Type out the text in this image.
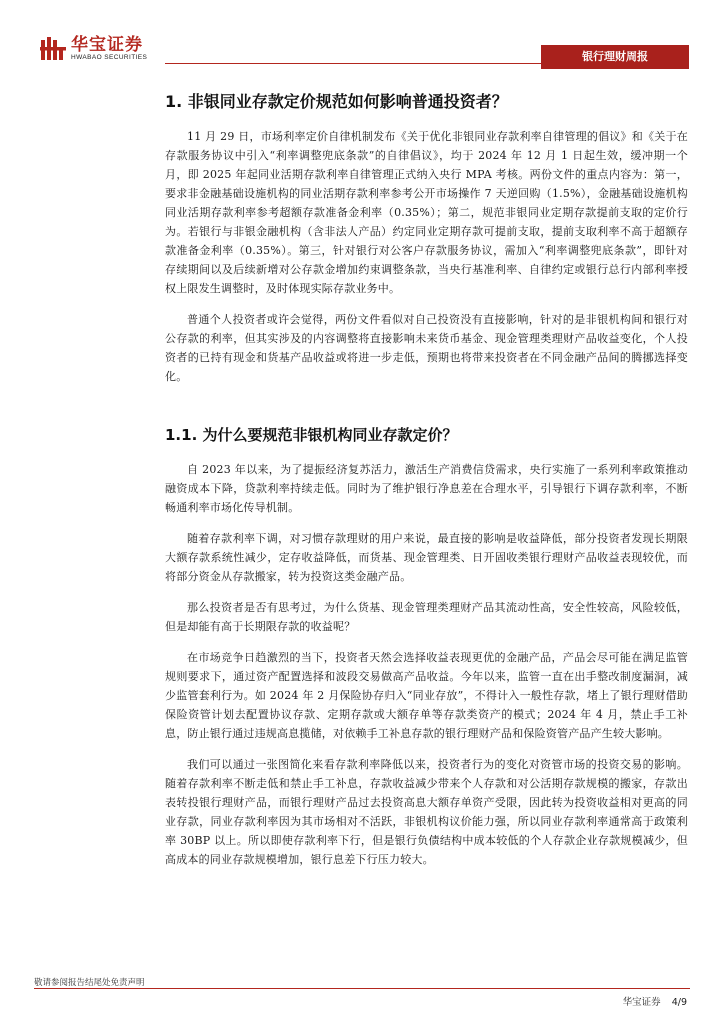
华宝证券
HWABAO SECURITIES	银行理财周报
1. 非银同业存款定价规范如何影响普通投资者？

11 月 29 日，市场利率定价自律机制发布《关于优化非银同业存款利率自律管理的倡议》和《关于在存款服务协议中引入“利率调整兜底条款”的自律倡议》，均于 2024 年 12 月 1 日起生效，缓冲期一个月，即 2025 年起同业活期存款利率自律管理正式纳入央行 MPA 考核。两份文件的重点内容为：第一，要求非金融基础设施机构的同业活期存款利率参考公开市场操作 7 天逆回购（1.5%），金融基础设施机构同业活期存款利率参考超额存款准备金利率（0.35%）；第二，规范非银同业定期存款提前支取的定价行为。若银行与非银金融机构（含非法人产品）约定同业定期存款可提前支取，提前支取利率不高于超额存款准备金利率（0.35%）。第三，针对银行对公客户存款服务协议，需加入“利率调整兜底条款”，即针对存续期间以及后续新增对公存款金增加约束调整条款，当央行基准利率、自律约定或银行总行内部利率授权上限发生调整时，及时体现实际存款业务中。

普通个人投资者或许会觉得，两份文件看似对自己投资没有直接影响，针对的是非银机构间和银行对公存款的利率，但其实涉及的内容调整将直接影响未来货币基金、现金管理类理财产品收益变化，个人投资者的已持有现金和货基产品收益或将进一步走低，预期也将带来投资者在不同金融产品间的腾挪选择变化。

1.1. 为什么要规范非银机构同业存款定价？

自 2023 年以来，为了提振经济复苏活力，激活生产消费信贷需求，央行实施了一系列利率政策推动融资成本下降，贷款利率持续走低。同时为了维护银行净息差在合理水平，引导银行下调存款利率，不断畅通利率市场化传导机制。

随着存款利率下调，对习惯存款理财的用户来说，最直接的影响是收益降低，部分投资者发现长期限大额存款系统性减少，定存收益降低，而货基、现金管理类、日开固收类银行理财产品收益表现较优，而将部分资金从存款搬家，转为投资这类金融产品。

那么投资者是否有思考过，为什么货基、现金管理类理财产品其流动性高，安全性较高，风险较低，但是却能有高于长期限存款的收益呢？

在市场竞争日趋激烈的当下，投资者天然会选择收益表现更优的金融产品，产品会尽可能在满足监管规则要求下，通过资产配置选择和波段交易做高产品收益。今年以来，监管一直在出手整改制度漏洞，减少监管套利行为。如 2024 年 2 月保险协存归入“同业存放”，不得计入一般性存款，堵上了银行理财借助保险资管计划去配置协议存款、定期存款或大额存单等存款类资产的模式；2024 年 4 月，禁止手工补息，防止银行通过违规高息揽储，对依赖手工补息存款的银行理财产品和保险资管产品产生较大影响。

我们可以通过一张图简化来看存款利率降低以来，投资者行为的变化对资管市场的投资交易的影响。随着存款利率不断走低和禁止手工补息，存款收益减少带来个人存款和对公活期存款规模的搬家，存款出表转投银行理财产品，而银行理财产品过去投资高息大额存单资产受限，因此转为投资收益相对更高的同业存款，同业存款利率因为其市场相对不活跃，非银机构议价能力强，所以同业存款利率通常高于政策利率 30BP 以上。所以即使存款利率下行，但是银行负债结构中成本较低的个人存款企业存款规模减少，但高成本的同业存款规模增加，银行息差下行压力较大。

敬请参阅报告结尾处免责声明
华宝证券 4/9
